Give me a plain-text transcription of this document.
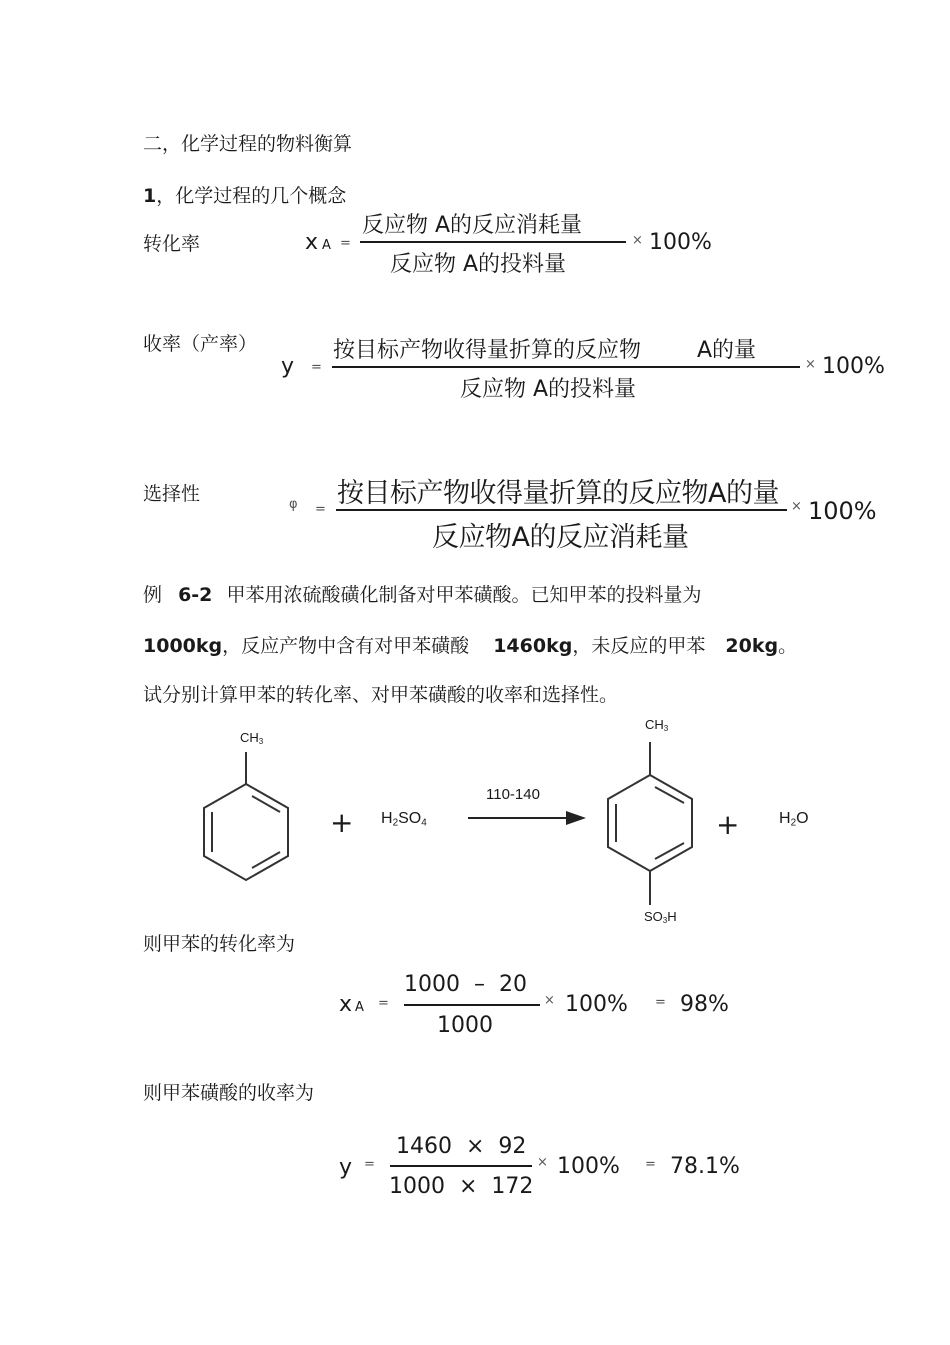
二，化学过程的物料衡算
1，化学过程的几个概念
转化率	x A =
反应物 A的反应消耗量
反应物 A的投料量
× 100%
收率（产率）
y =
按目标产物收得量折算的反应物        A的量
反应物 A的投料量
× 100%
选择性	φ =
按目标产物收得量折算的反应物A的量
反应物A的反应消耗量
× 100%
例 6-2 甲苯用浓硫酸磺化制备对甲苯磺酸。已知甲苯的投料量为
1000kg，反应产物中含有对甲苯磺酸 1460kg，未反应的甲苯 20kg。
试分别计算甲苯的转化率、对甲苯磺酸的收率和选择性。
$CH_3$
+ $H_2SO_4$
110-140
$CH_3$
$SO_3H$
+ $H_2O$
则甲苯的转化率为
x A =
1000  –  20
1000
× 100% = 98%
则甲苯磺酸的收率为
y =
1460  ×  92
1000  ×  172
× 100% = 78.1%
